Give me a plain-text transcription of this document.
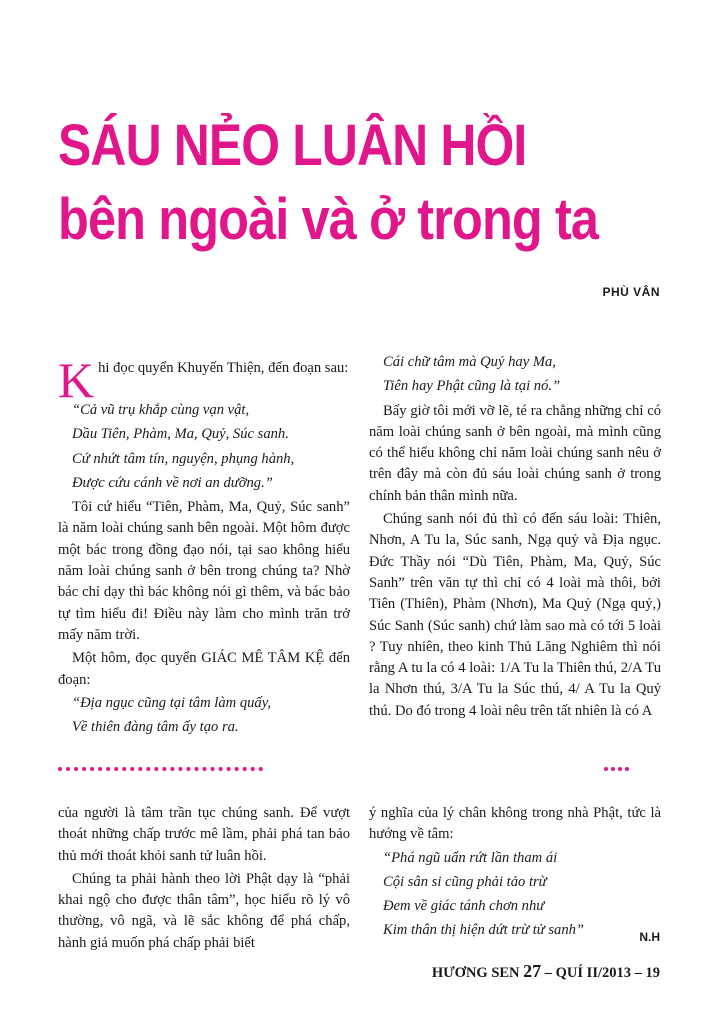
SÁU NẺO LUÂN HỒI
bên ngoài và ở trong ta
PHÙ VÂN
K hi đọc quyển Khuyến Thiện, đến đoạn sau:

“Cả vũ trụ khắp cùng vạn vật,

Dầu Tiên, Phàm, Ma, Quỷ, Súc sanh.

Cứ nhứt tâm tín, nguyện, phụng hành,

Được cứu cánh về nơi an dưỡng.”

Tôi cứ hiểu “Tiên, Phàm, Ma, Quỷ, Súc sanh” là năm loài chúng sanh bên ngoài. Một hôm được một bác trong đồng đạo nói, tại sao không hiểu năm loài chúng sanh ở bên trong chúng ta? Nhờ bác chỉ dạy thì bác không nói gì thêm, và bác bảo tự tìm hiểu đi! Điều này làm cho mình trăn trở mấy năm trời.

Một hôm, đọc quyển GIÁC MÊ TÂM KỆ đến đoạn:

“Địa ngục cũng tại tâm làm quấy,

Về thiên đàng tâm ấy tạo ra.

Cái chữ tâm mà Quỷ hay Ma,

Tiên hay Phật cũng là tại nó.”

Bấy giờ tôi mới vỡ lẽ, té ra chẳng những chỉ có năm loài chúng sanh ở bên ngoài, mà mình cũng có thể hiểu không chỉ năm loài chúng sanh nêu ở trên đây mà còn đủ sáu loài chúng sanh ở trong chính bản thân mình nữa.

Chúng sanh nói đủ thì có đến sáu loài: Thiên, Nhơn, A Tu la, Súc sanh, Ngạ quỷ và Địa ngục. Đức Thầy nói “Dù Tiên, Phàm, Ma, Quỷ, Súc Sanh” trên văn tự thì chỉ có 4 loài mà thôi, bởi Tiên (Thiên), Phàm (Nhơn), Ma Quỷ (Ngạ quỷ,) Súc Sanh (Súc sanh) chứ làm sao mà có tới 5 loài ? Tuy nhiên, theo kinh Thủ Lăng Nghiêm thì nói rằng A tu la có 4 loài: 1/A Tu la Thiên thú, 2/A Tu la Nhơn thú, 3/A Tu la Súc thú, 4/ A Tu la Quỷ thú. Do đó trong 4 loài nêu trên tất nhiên là có A

của người là tâm trần tục chúng sanh. Để vượt thoát những chấp trước mê lầm, phải phá tan bảo thủ mới thoát khỏi sanh tử luân hồi.

Chúng ta phải hành theo lời Phật dạy là “phải khai ngộ cho được thân tâm”, học hiểu rõ lý vô thường, vô ngã, và lẽ sắc không để phá chấp, hành giả muốn phá chấp phải biết

ý nghĩa của lý chân không trong nhà Phật, tức là hướng về tâm:

“Phá ngũ uẩn rứt lần tham ái

Cội sân si cũng phải tảo trừ

Đem về giác tánh chơn như

Kim thân thị hiện dứt trừ tử sanh”	N.H
HƯƠNG SEN 27 – QUÍ II/2013 – 19
